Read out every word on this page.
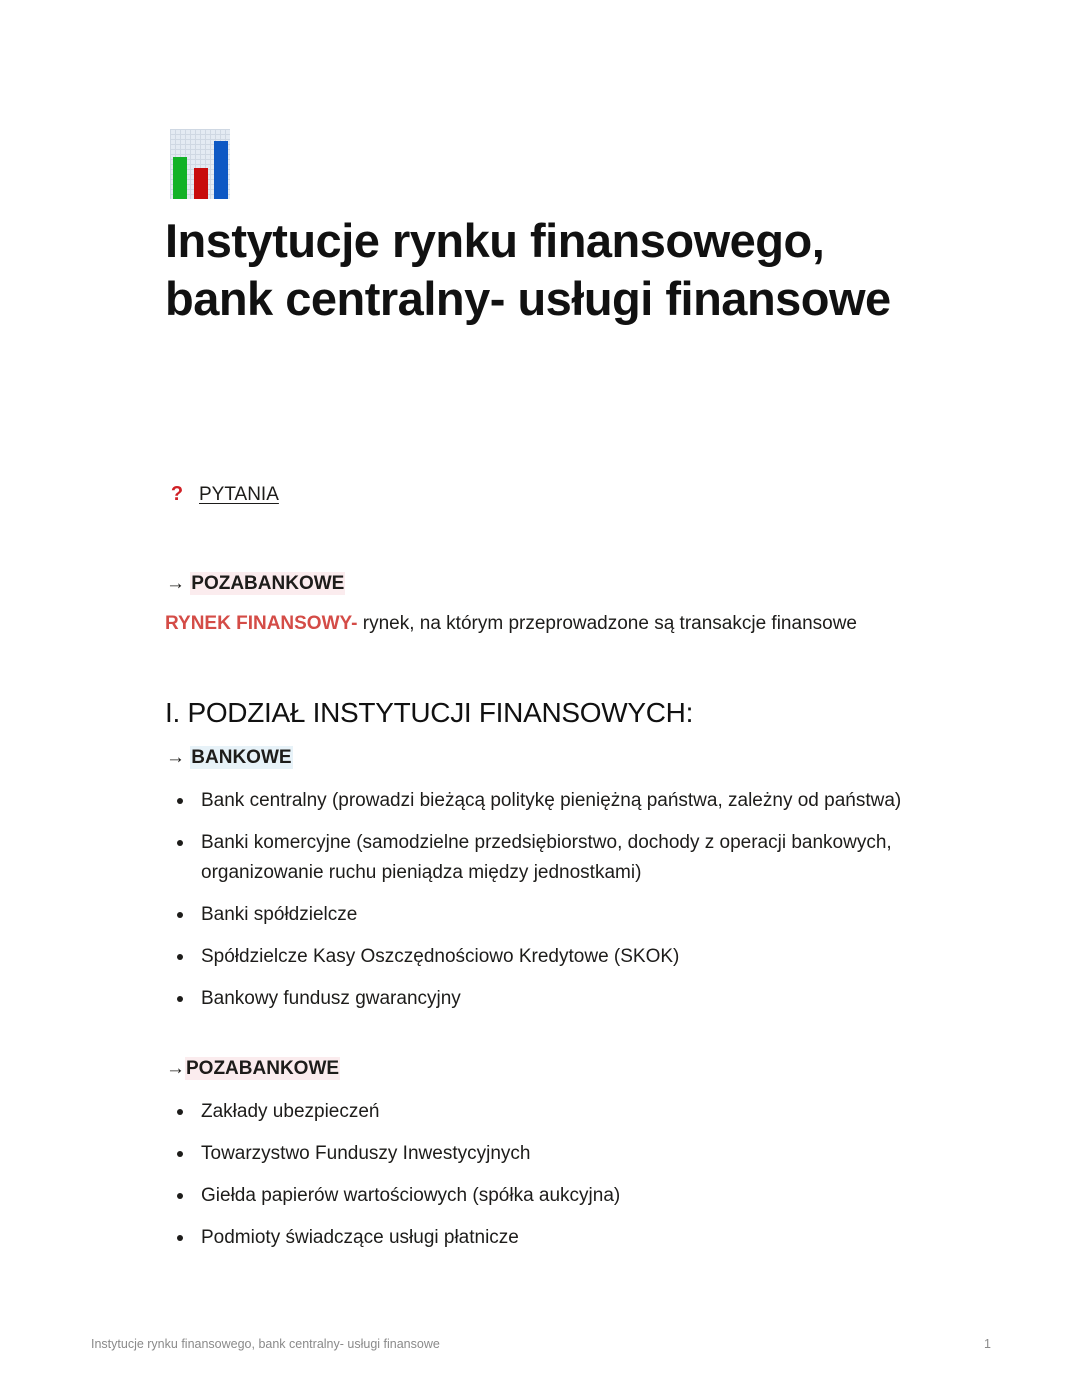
Instytucje rynku finansowego, bank centralny- usługi finansowe
? PYTANIA
→ POZABANKOWE
RYNEK FINANSOWY- rynek, na którym przeprowadzone są transakcje finansowe
I. PODZIAŁ INSTYTUCJI FINANSOWYCH:
→ BANKOWE
Bank centralny (prowadzi bieżącą politykę pieniężną państwa, zależny od państwa)
Banki komercyjne (samodzielne przedsiębiorstwo, dochody z operacji bankowych, organizowanie ruchu pieniądza między jednostkami)
Banki spółdzielcze
Spółdzielcze Kasy Oszczędnościowo Kredytowe (SKOK)
Bankowy fundusz gwarancyjny
→POZABANKOWE
Zakłady ubezpieczeń
Towarzystwo Funduszy Inwestycyjnych
Giełda papierów wartościowych (spółka aukcyjna)
Podmioty świadczące usługi płatnicze
Instytucje rynku finansowego, bank centralny- usługi finansowe	1
